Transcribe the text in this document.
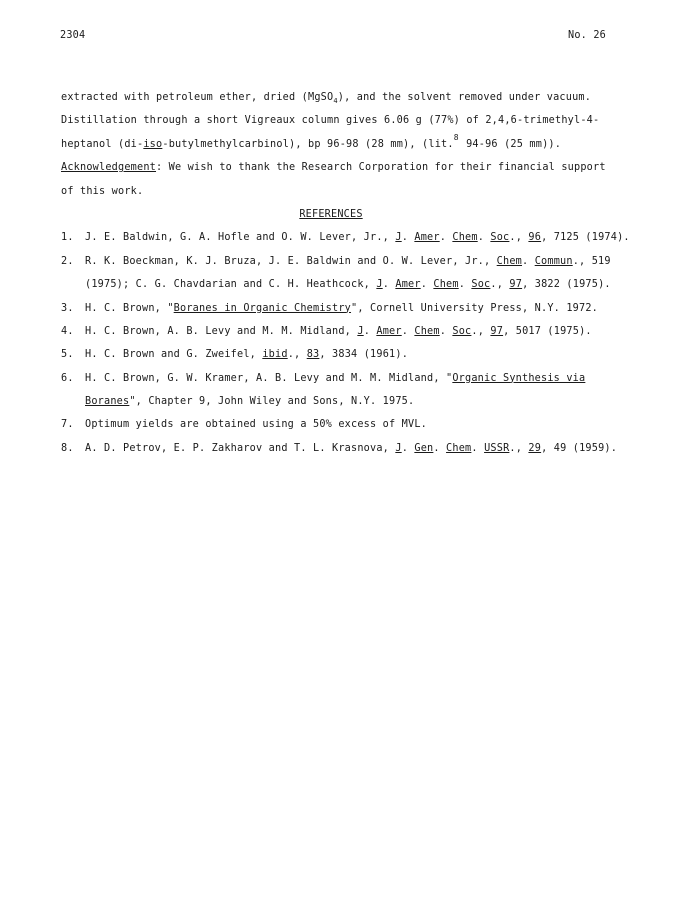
2304	No. 26
extracted with petroleum ether, dried (MgSO$_4$), and the solvent removed under vacuum.
Distillation through a short Vigreaux column gives 6.06 g (77%) of 2,4,6-trimethyl-4-
heptanol (di-iso-butylmethylcarbinol), bp 96-98 (28 mm), (lit.$^8$ 94-96 (25 mm)).
Acknowledgement: We wish to thank the Research Corporation for their financial support
of this work.
REFERENCES
1.	J. E. Baldwin, G. A. Hofle and O. W. Lever, Jr., J. Amer. Chem. Soc., 96, 7125 (1974).
2.	R. K. Boeckman, K. J. Bruza, J. E. Baldwin and O. W. Lever, Jr., Chem. Commun., 519
(1975); C. G. Chavdarian and C. H. Heathcock, J. Amer. Chem. Soc., 97, 3822 (1975).
3.	H. C. Brown, "Boranes in Organic Chemistry", Cornell University Press, N.Y. 1972.
4.	H. C. Brown, A. B. Levy and M. M. Midland, J. Amer. Chem. Soc., 97, 5017 (1975).
5.	H. C. Brown and G. Zweifel, ibid., 83, 3834 (1961).
6.	H. C. Brown, G. W. Kramer, A. B. Levy and M. M. Midland, "Organic Synthesis via
Boranes", Chapter 9, John Wiley and Sons, N.Y. 1975.
7.	Optimum yields are obtained using a 50% excess of MVL.
8.	A. D. Petrov, E. P. Zakharov and T. L. Krasnova, J. Gen. Chem. USSR., 29, 49 (1959).
